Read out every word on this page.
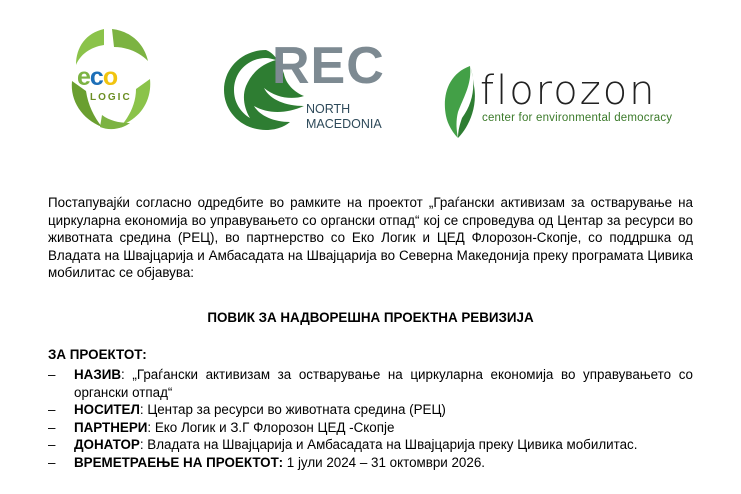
eco
LOGIC
REC
NORTH
MACEDONIA
florozon
center for environmental democracy
Постапувајќи согласно одредбите во рамките на проектот „Граѓански активизам за остварување на циркуларна економија во управувањето со органски отпад“ кој се спроведува од Центар за ресурси во животната средина (РЕЦ), во партнерство со Еко Логик и ЦЕД Флорозон-Скопје, со поддршка од Владата на Швајцарија и Амбасадата на Швајцарија во Северна Македонија преку програмата Цивика мобилитас се објавува:
ПОВИК ЗА НАДВОРЕШНА ПРОЕКТНА РЕВИЗИЈА
ЗА ПРОЕКТОТ:
– НАЗИВ: „Граѓански активизам за остварување на циркуларна економија во управувањето со органски отпад“
– НОСИТЕЛ: Центар за ресурси во животната средина (РЕЦ)
– ПАРТНЕРИ: Еко Логик и З.Г Флорозон ЦЕД -Скопје
– ДОНАТОР: Владата на Швајцарија и Амбасадата на Швајцарија преку Цивика мобилитас.
– ВРЕМЕТРАЕЊЕ НА ПРОЕКТОТ: 1 јули 2024 – 31 октомври 2026.
